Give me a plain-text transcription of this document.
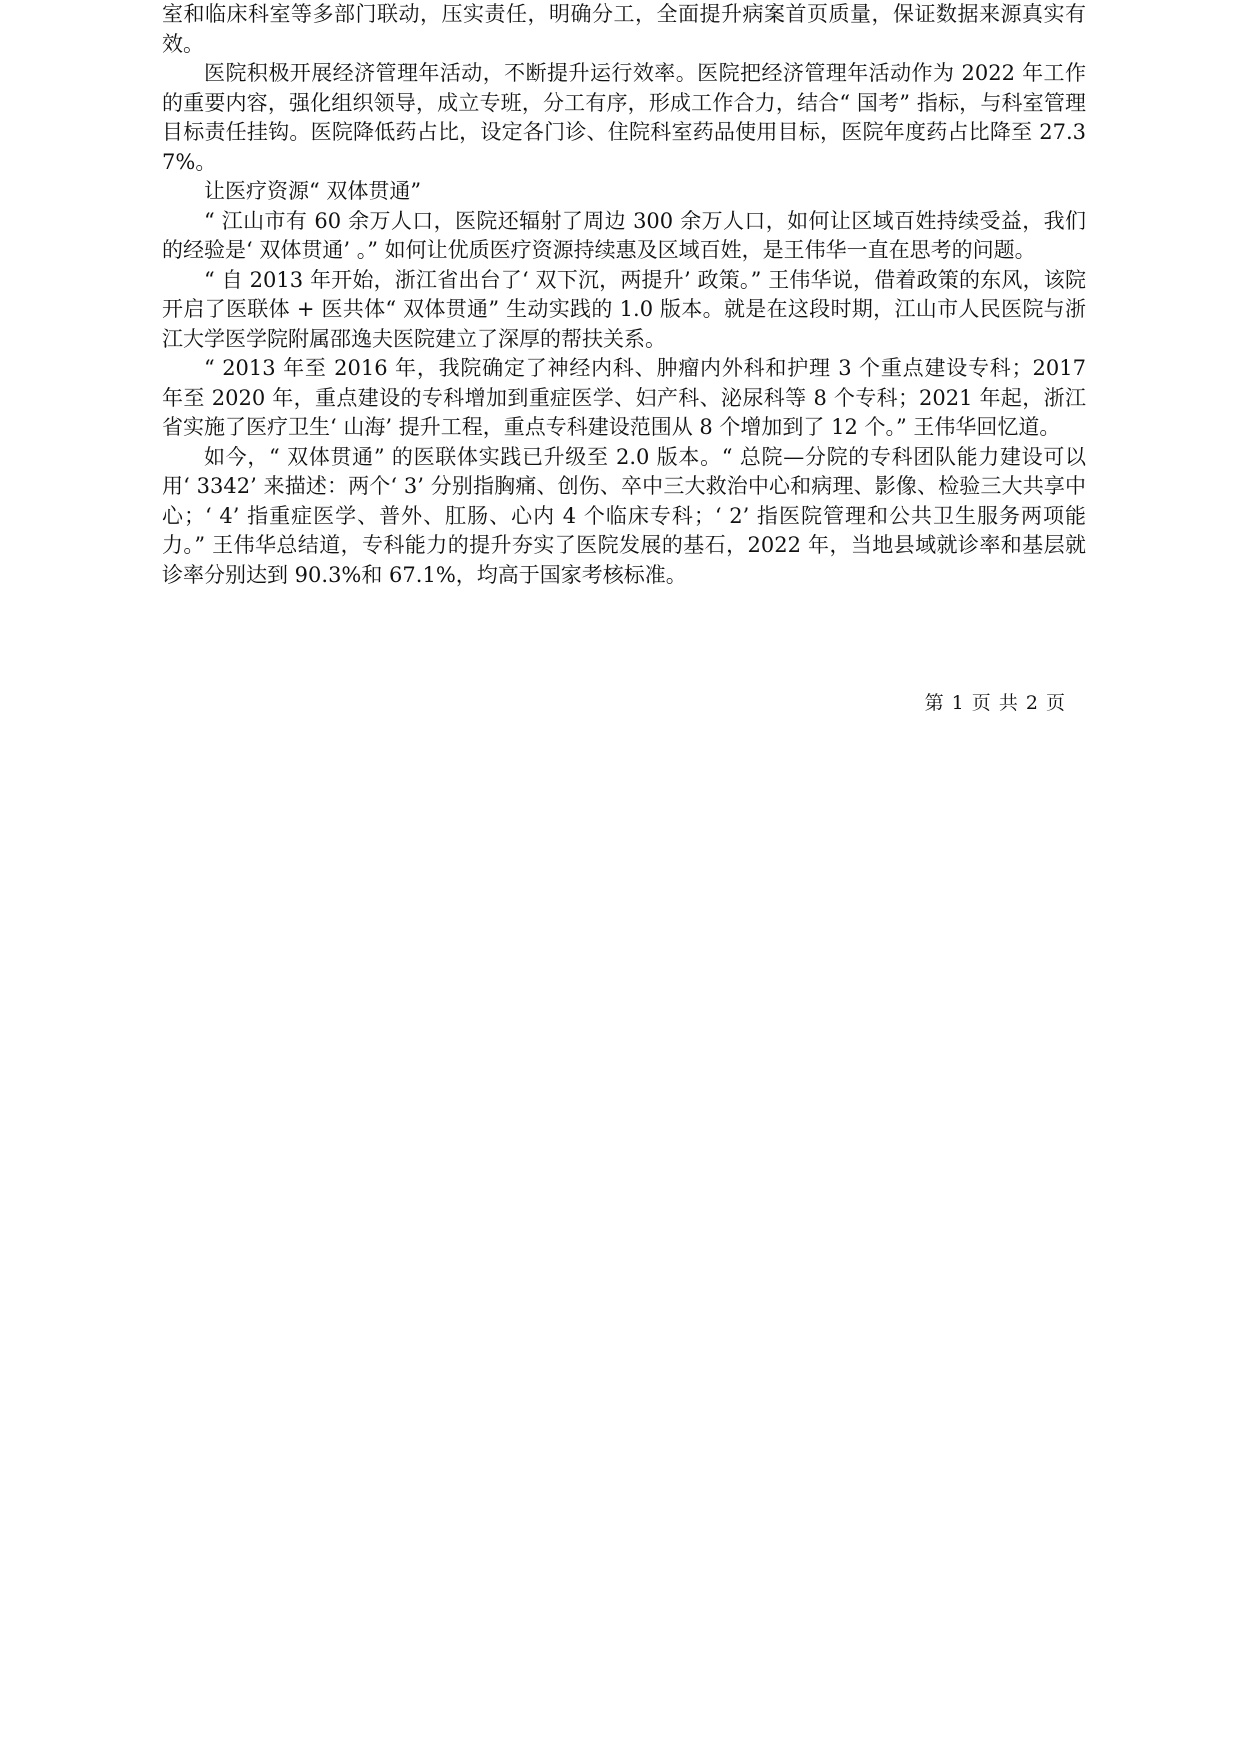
室和临床科室等多部门联动，压实责任，明确分工，全面提升病案首页质量，保证数据来源真实有效。

医院积极开展经济管理年活动，不断提升运行效率。医院把经济管理年活动作为 2022 年工作的重要内容，强化组织领导，成立专班，分工有序，形成工作合力，结合“ 国考” 指标，与科室管理目标责任挂钩。医院降低药占比，设定各门诊、住院科室药品使用目标，医院年度药占比降至 27.37%。

让医疗资源“ 双体贯通”

“ 江山市有 60 余万人口，医院还辐射了周边 300 余万人口，如何让区域百姓持续受益，我们的经验是‘ 双体贯通’ 。” 如何让优质医疗资源持续惠及区域百姓，是王伟华一直在思考的问题。

“ 自 2013 年开始，浙江省出台了‘ 双下沉，两提升’ 政策。” 王伟华说，借着政策的东风，该院开启了医联体 + 医共体“ 双体贯通” 生动实践的 1.0 版本。就是在这段时期，江山市人民医院与浙江大学医学院附属邵逸夫医院建立了深厚的帮扶关系。

“ 2013 年至 2016 年，我院确定了神经内科、肿瘤内外科和护理 3 个重点建设专科；2017 年至 2020 年，重点建设的专科增加到重症医学、妇产科、泌尿科等 8 个专科；2021 年起，浙江省实施了医疗卫生‘ 山海’ 提升工程，重点专科建设范围从 8 个增加到了 12 个。” 王伟华回忆道。

如今，“ 双体贯通” 的医联体实践已升级至 2.0 版本。“ 总院—分院的专科团队能力建设可以用‘ 3342’ 来描述：两个‘ 3’ 分别指胸痛、创伤、卒中三大救治中心和病理、影像、检验三大共享中心；‘ 4’ 指重症医学、普外、肛肠、心内 4 个临床专科；‘ 2’ 指医院管理和公共卫生服务两项能力。” 王伟华总结道，专科能力的提升夯实了医院发展的基石，2022 年，当地县域就诊率和基层就诊率分别达到 90.3%和 67.1%，均高于国家考核标准。

第 1 页 共 2 页
